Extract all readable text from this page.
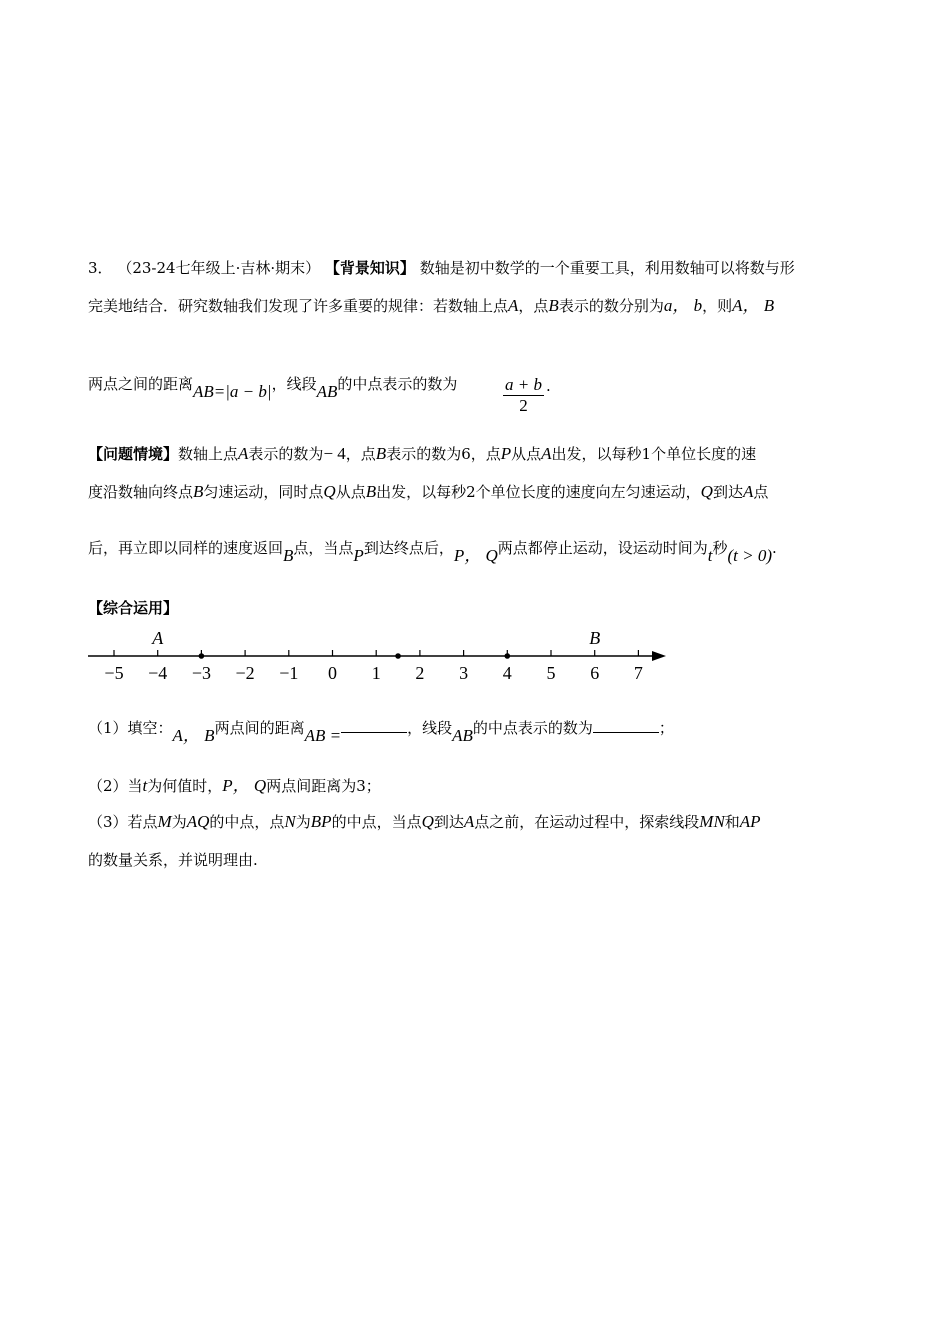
3． （23-24七年级上·吉林·期末） 【背景知识】 数轴是初中数学的一个重要工具，利用数轴可以将数与形
完美地结合．研究数轴我们发现了许多重要的规律：若数轴上点A，点B表示的数分别为a， b，则A， B
两点之间的距离AB=|a − b|，线段AB的中点表示的数为	$\frac{a + b}{2}$ .
【问题情境】数轴上点A表示的数为− 4，点B表示的数为6，点P从点A出发，以每秒1个单位长度的速
度沿数轴向终点B匀速运动，同时点Q从点B出发，以每秒2个单位长度的速度向左匀速运动，Q到达A点
后，再立即以同样的速度返回B点，当点P到达终点后，P， Q两点都停止运动，设运动时间为t秒(t > 0).
【综合运用】
−5 −4 −3 −2 −1 0 1 2 3 4 5 6 7
A	B
（1）填空：A， B两点间的距离AB =	，线段AB的中点表示的数为	；
（2）当t为何值时，P， Q两点间距离为3；
（3）若点M为AQ的中点，点N为BP的中点，当点Q到达A点之前，在运动过程中，探索线段MN和AP
的数量关系，并说明理由.
